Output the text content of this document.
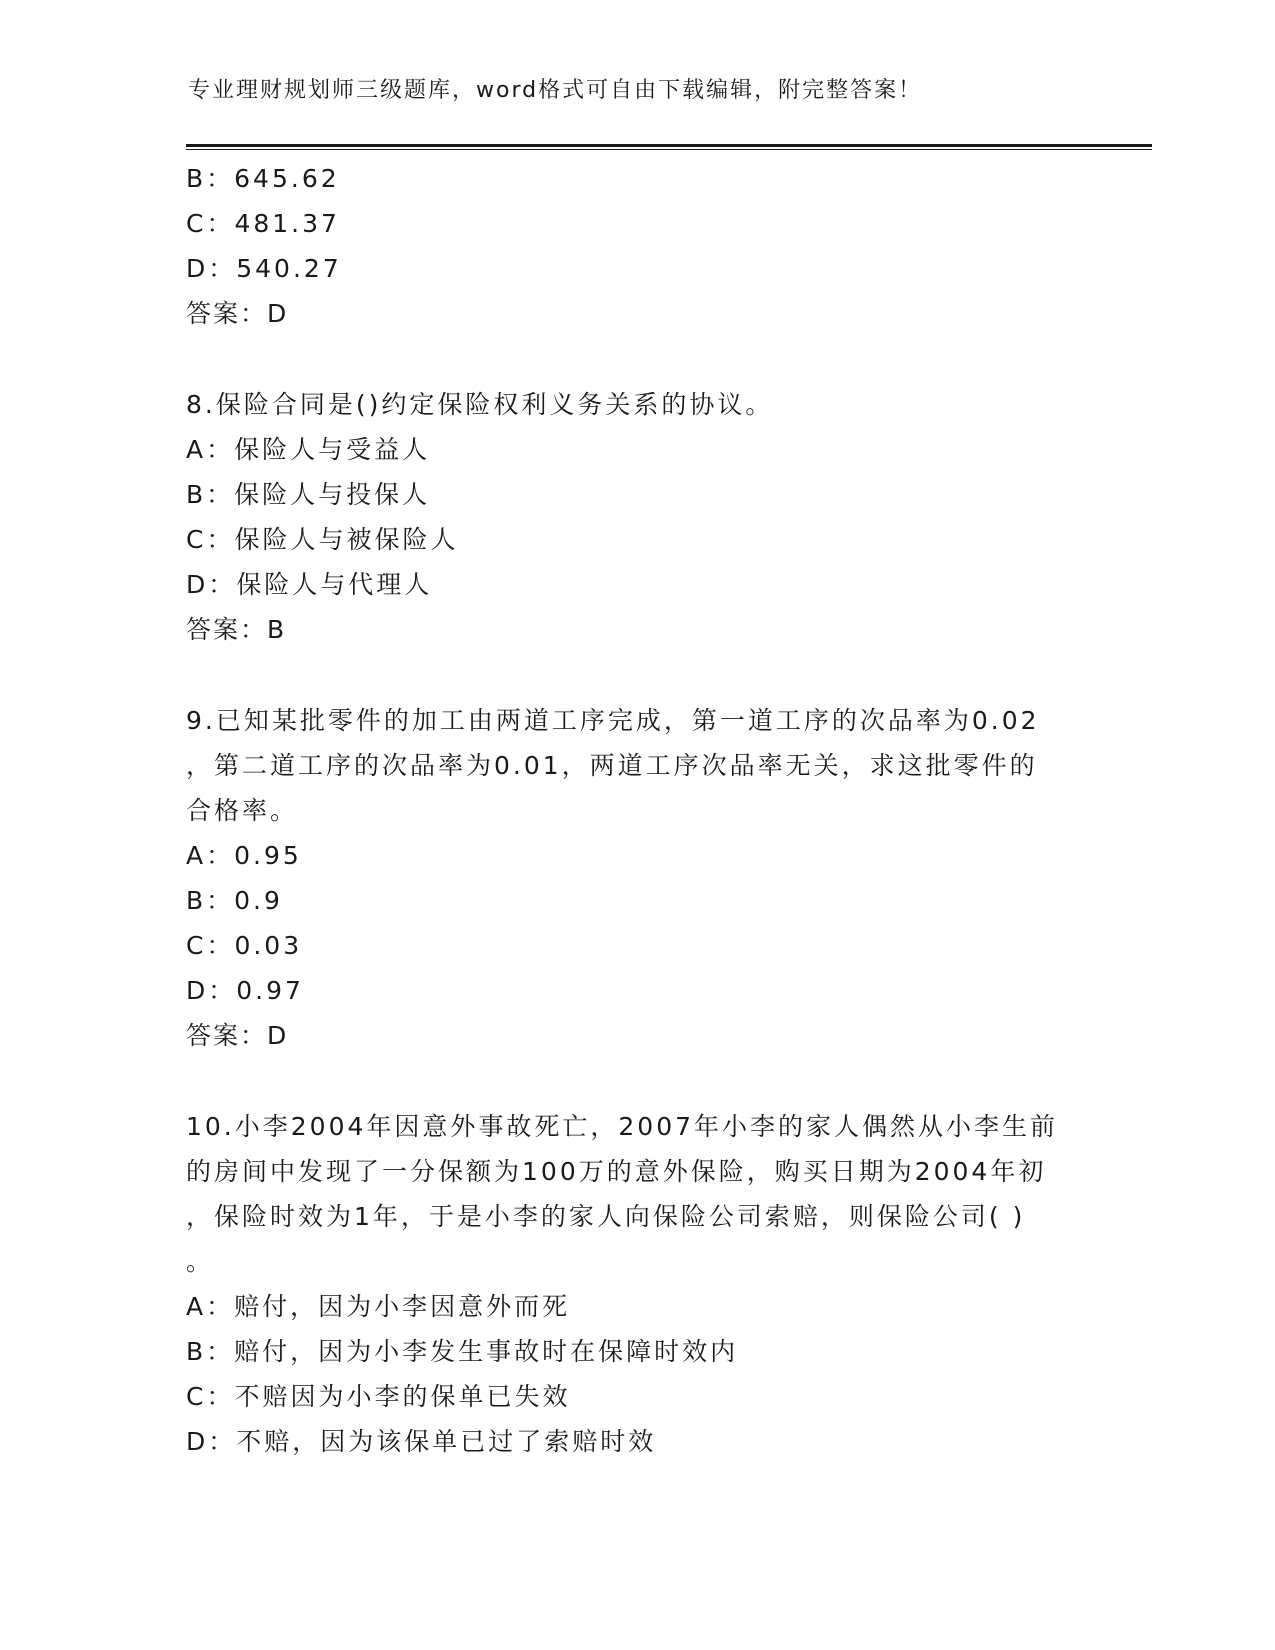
专业理财规划师三级题库，word格式可自由下载编辑，附完整答案！
B：645.62
C：481.37
D：540.27
答案：D
8.保险合同是()约定保险权利义务关系的协议。
A：保险人与受益人
B：保险人与投保人
C：保险人与被保险人
D：保险人与代理人
答案：B
9.已知某批零件的加工由两道工序完成，第一道工序的次品率为0.02
，第二道工序的次品率为0.01，两道工序次品率无关，求这批零件的
合格率。
A：0.95
B：0.9
C：0.03
D：0.97
答案：D
10.小李2004年因意外事故死亡，2007年小李的家人偶然从小李生前
的房间中发现了一分保额为100万的意外保险，购买日期为2004年初
，保险时效为1年，于是小李的家人向保险公司索赔，则保险公司( )
。
A：赔付，因为小李因意外而死
B：赔付，因为小李发生事故时在保障时效内
C：不赔因为小李的保单已失效
D：不赔，因为该保单已过了索赔时效
